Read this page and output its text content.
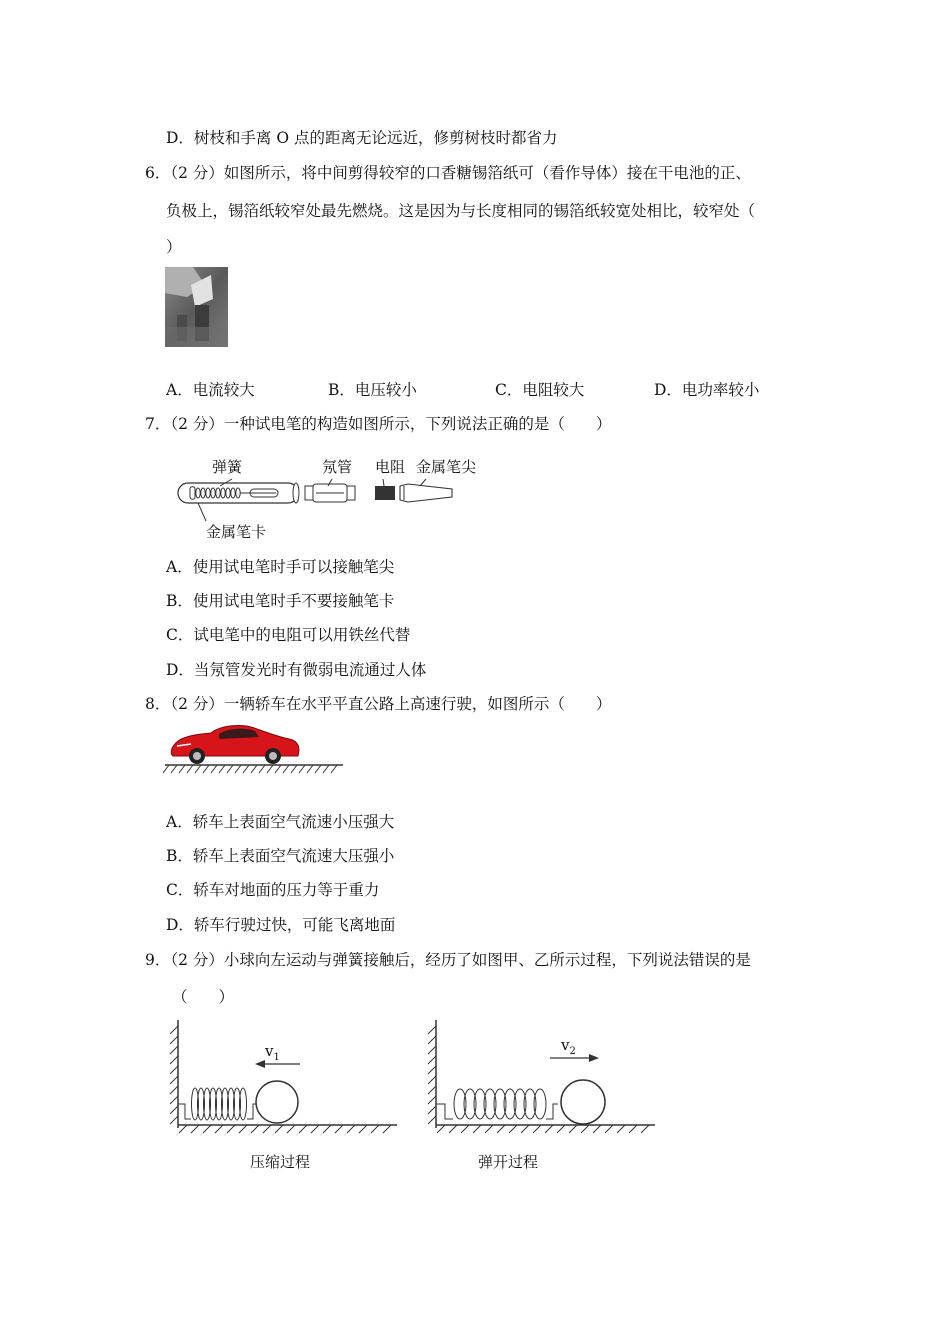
D．树枝和手离 O 点的距离无论远近，修剪树枝时都省力
6．（2 分）如图所示，将中间剪得较窄的口香糖锡箔纸可（看作导体）接在干电池的正、
负极上，锡箔纸较窄处最先燃烧。这是因为与长度相同的锡箔纸较宽处相比，较窄处（
）
A．电流较大	B．电压较小	C．电阻较大	D．电功率较小
7．（2 分）一种试电笔的构造如图所示，下列说法正确的是（　　）
弹簧	氖管 电阻 金属笔尖
金属笔卡
A．使用试电笔时手可以接触笔尖
B．使用试电笔时手不要接触笔卡
C．试电笔中的电阻可以用铁丝代替
D．当氖管发光时有微弱电流通过人体
8．（2 分）一辆轿车在水平平直公路上高速行驶，如图所示（　　）
A．轿车上表面空气流速小压强大
B．轿车上表面空气流速大压强小
C．轿车对地面的压力等于重力
D．轿车行驶过快，可能飞离地面
9．（2 分）小球向左运动与弹簧接触后，经历了如图甲、乙所示过程，下列说法错误的是
（　　）
$v_1$
压缩过程
$v_2$
弹开过程
